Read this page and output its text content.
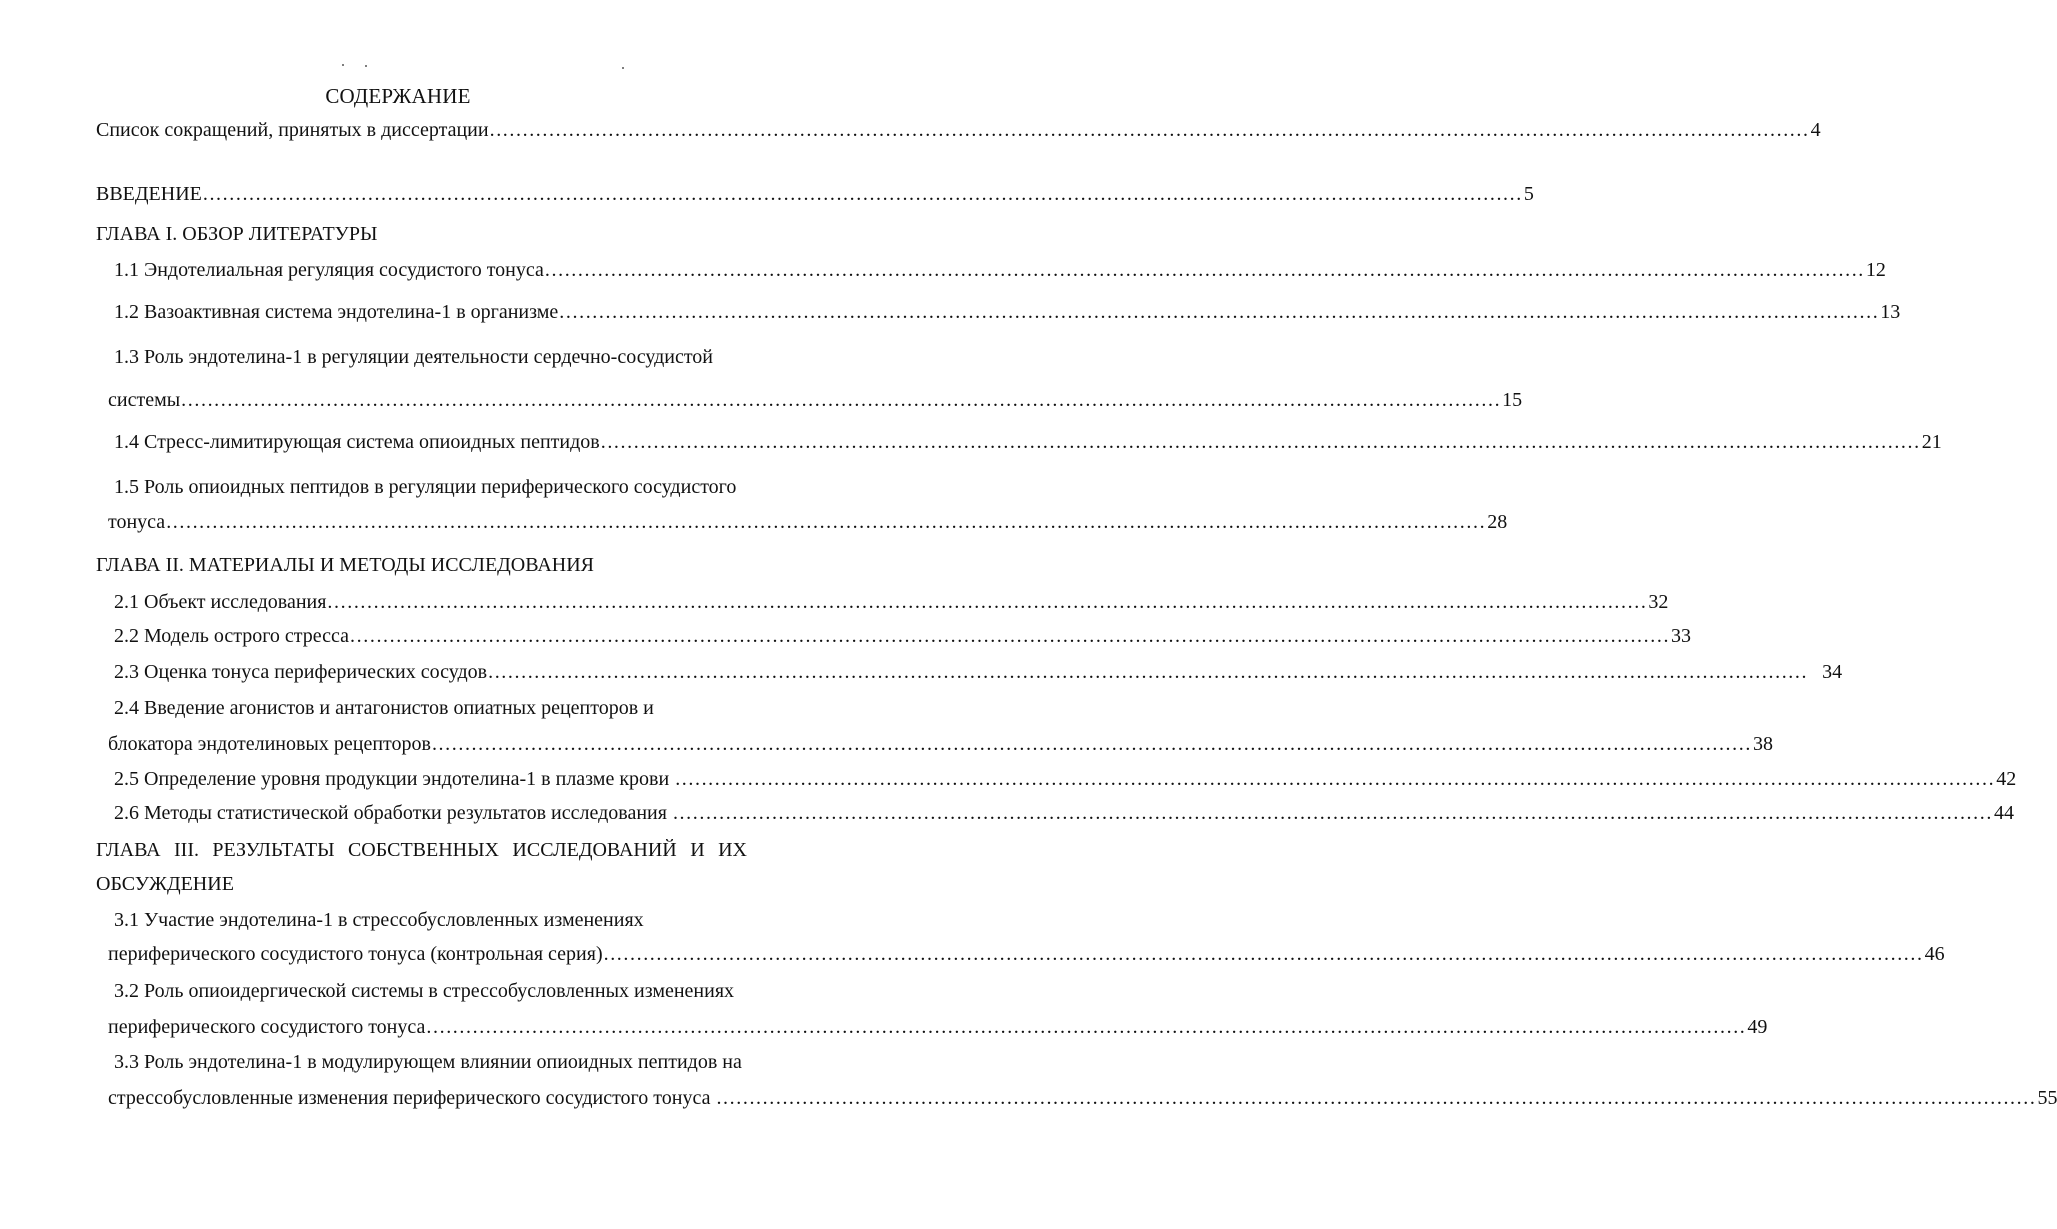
СОДЕРЖАНИЕ
Список сокращений, принятых в диссертации ........................................................................................................................................................................................................ 4
ВВЕДЕНИЕ ........................................................................................................................................................................................................ 5
ГЛАВА I. ОБЗОР ЛИТЕРАТУРЫ
1.1 Эндотелиальная регуляция сосудистого тонуса ........................................................................................................................................................................................................ 12
1.2 Вазоактивная система эндотелина-1 в организме ........................................................................................................................................................................................................ 13
1.3 Роль эндотелина-1 в регуляции деятельности сердечно-сосудистой
системы ........................................................................................................................................................................................................ 15
1.4 Стресс-лимитирующая система опиоидных пептидов ........................................................................................................................................................................................................ 21
1.5 Роль опиоидных пептидов в регуляции периферического сосудистого
тонуса ........................................................................................................................................................................................................ 28
ГЛАВА II. МАТЕРИАЛЫ И МЕТОДЫ ИССЛЕДОВАНИЯ
2.1 Объект исследования ........................................................................................................................................................................................................ 32
2.2 Модель острого стресса ........................................................................................................................................................................................................ 33
2.3 Оценка тонуса периферических сосудов ........................................................................................................................................................................................................ 34
2.4 Введение агонистов и антагонистов опиатных рецепторов и
блокатора эндотелиновых рецепторов ........................................................................................................................................................................................................ 38
2.5 Определение уровня продукции эндотелина-1 в плазме крови ........................................................................................................................................................................................................ 42
2.6 Методы статистической обработки результатов исследования ........................................................................................................................................................................................................ 44
ГЛАВА III. РЕЗУЛЬТАТЫ СОБСТВЕННЫХ ИССЛЕДОВАНИЙ И ИХ
ОБСУЖДЕНИЕ
3.1 Участие эндотелина-1 в стрессобусловленных изменениях
периферического сосудистого тонуса (контрольная серия) ........................................................................................................................................................................................................ 46
3.2 Роль опиоидергической системы в стрессобусловленных изменениях
периферического сосудистого тонуса ........................................................................................................................................................................................................ 49
3.3 Роль эндотелина-1 в модулирующем влиянии опиоидных пептидов на
стрессобусловленные изменения периферического сосудистого тонуса ........................................................................................................................................................................................................ 55
